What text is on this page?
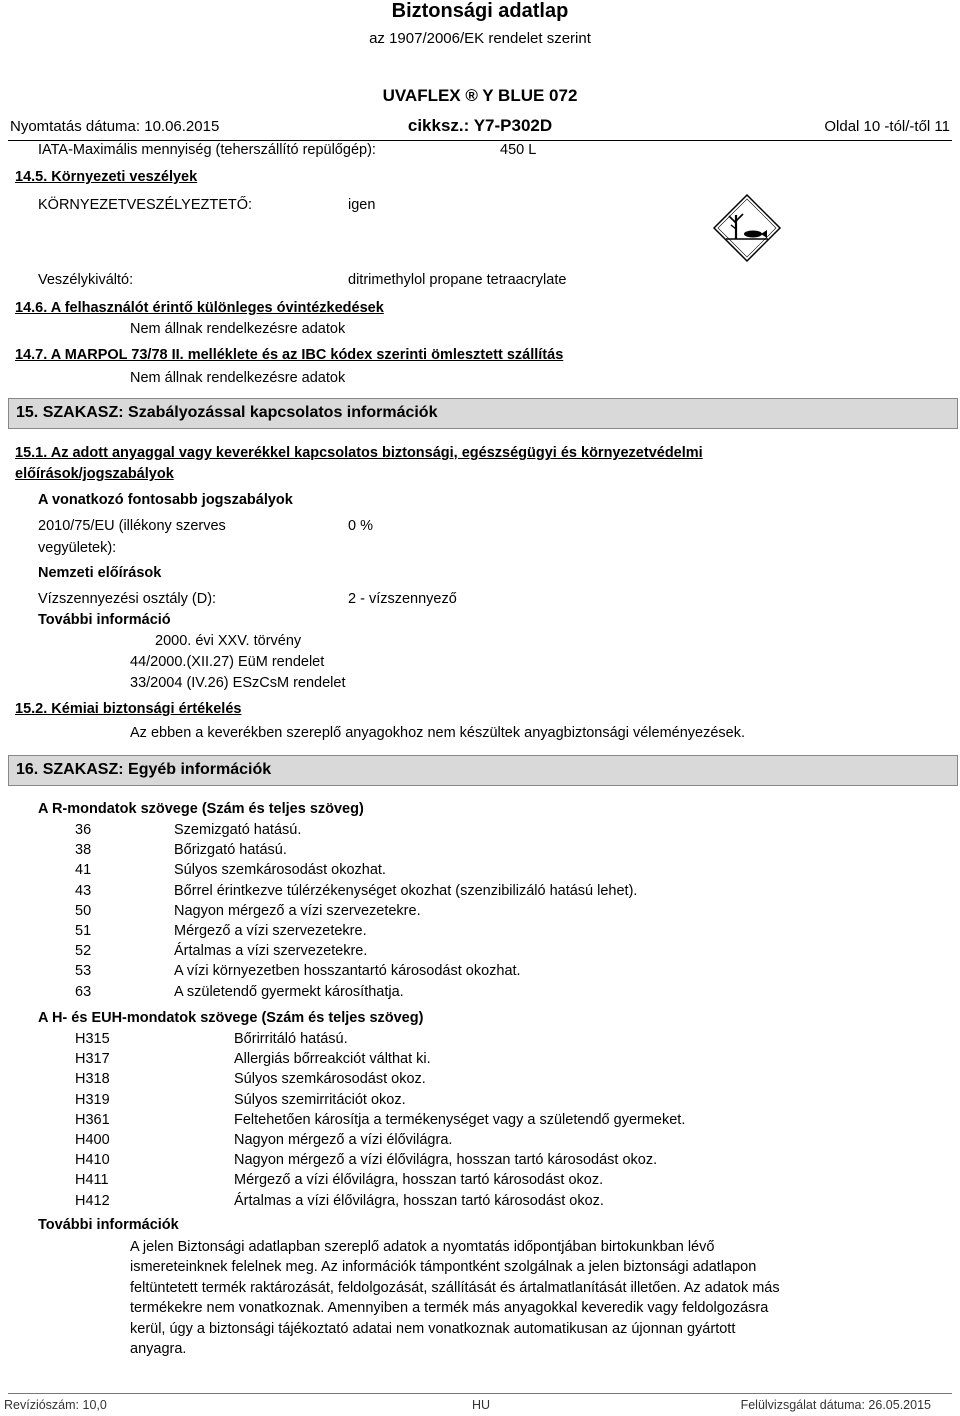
Biztonsági adatlap
az 1907/2006/EK rendelet szerint
UVAFLEX ® Y BLUE 072
Nyomtatás dátuma: 10.06.2015	cikksz.: Y7-P302D	Oldal 10 -tól/-től 11
IATA-Maximális mennyiség (teherszállító repülőgép):	450 L
14.5. Környezeti veszélyek
KÖRNYEZETVESZÉLYEZTETŐ:	igen
Veszélykiváltó:	ditrimethylol propane tetraacrylate
14.6. A felhasználót érintő különleges óvintézkedések
Nem állnak rendelkezésre adatok
14.7. A MARPOL 73/78 II. melléklete és az IBC kódex szerinti ömlesztett szállítás
Nem állnak rendelkezésre adatok
15. SZAKASZ: Szabályozással kapcsolatos információk
15.1. Az adott anyaggal vagy keverékkel kapcsolatos biztonsági, egészségügyi és környezetvédelmi
előírások/jogszabályok
A vonatkozó fontosabb jogszabályok
2010/75/EU (illékony szerves
vegyületek):
0 %
Nemzeti előírások
Vízszennyezési osztály (D):	2 - vízszennyező
További információ
2000. évi XXV. törvény
44/2000.(XII.27) EüM rendelet
33/2004 (IV.26) ESzCsM rendelet
15.2. Kémiai biztonsági értékelés
Az ebben a keverékben szereplő anyagokhoz nem készültek anyagbiztonsági véleményezések.
16. SZAKASZ: Egyéb információk
A R-mondatok szövege (Szám és teljes szöveg)
36	Szemizgató hatású.
38	Bőrizgató hatású.
41	Súlyos szemkárosodást okozhat.
43	Bőrrel érintkezve túlérzékenységet okozhat (szenzibilizáló hatású lehet).
50	Nagyon mérgező a vízi szervezetekre.
51	Mérgező a vízi szervezetekre.
52	Ártalmas a vízi szervezetekre.
53	A vízi környezetben hosszantartó károsodást okozhat.
63	A születendő gyermekt károsíthatja.
A H- és EUH-mondatok szövege (Szám és teljes szöveg)
H315	Bőrirritáló hatású.
H317	Allergiás bőrreakciót válthat ki.
H318	Súlyos szemkárosodást okoz.
H319	Súlyos szemirritációt okoz.
H361	Feltehetően károsítja a termékenységet vagy a születendő gyermeket.
H400	Nagyon mérgező a vízi élővilágra.
H410	Nagyon mérgező a vízi élővilágra, hosszan tartó károsodást okoz.
H411	Mérgező a vízi élővilágra, hosszan tartó károsodást okoz.
H412	Ártalmas a vízi élővilágra, hosszan tartó károsodást okoz.
További információk
A jelen Biztonsági adatlapban szereplő adatok a nyomtatás időpontjában birtokunkban lévő
ismereteinknek felelnek meg. Az információk támpontként szolgálnak a jelen biztonsági adatlapon
feltüntetett termék raktározását, feldolgozását, szállítását és ártalmatlanítását illetően. Az adatok más
termékekre nem vonatkoznak. Amennyiben a termék más anyagokkal keveredik vagy feldolgozásra
kerül, úgy a biztonsági tájékoztató adatai nem vonatkoznak automatikusan az újonnan gyártott
anyagra.
Revíziószám: 10,0	HU	Felülvizsgálat dátuma: 26.05.2015
